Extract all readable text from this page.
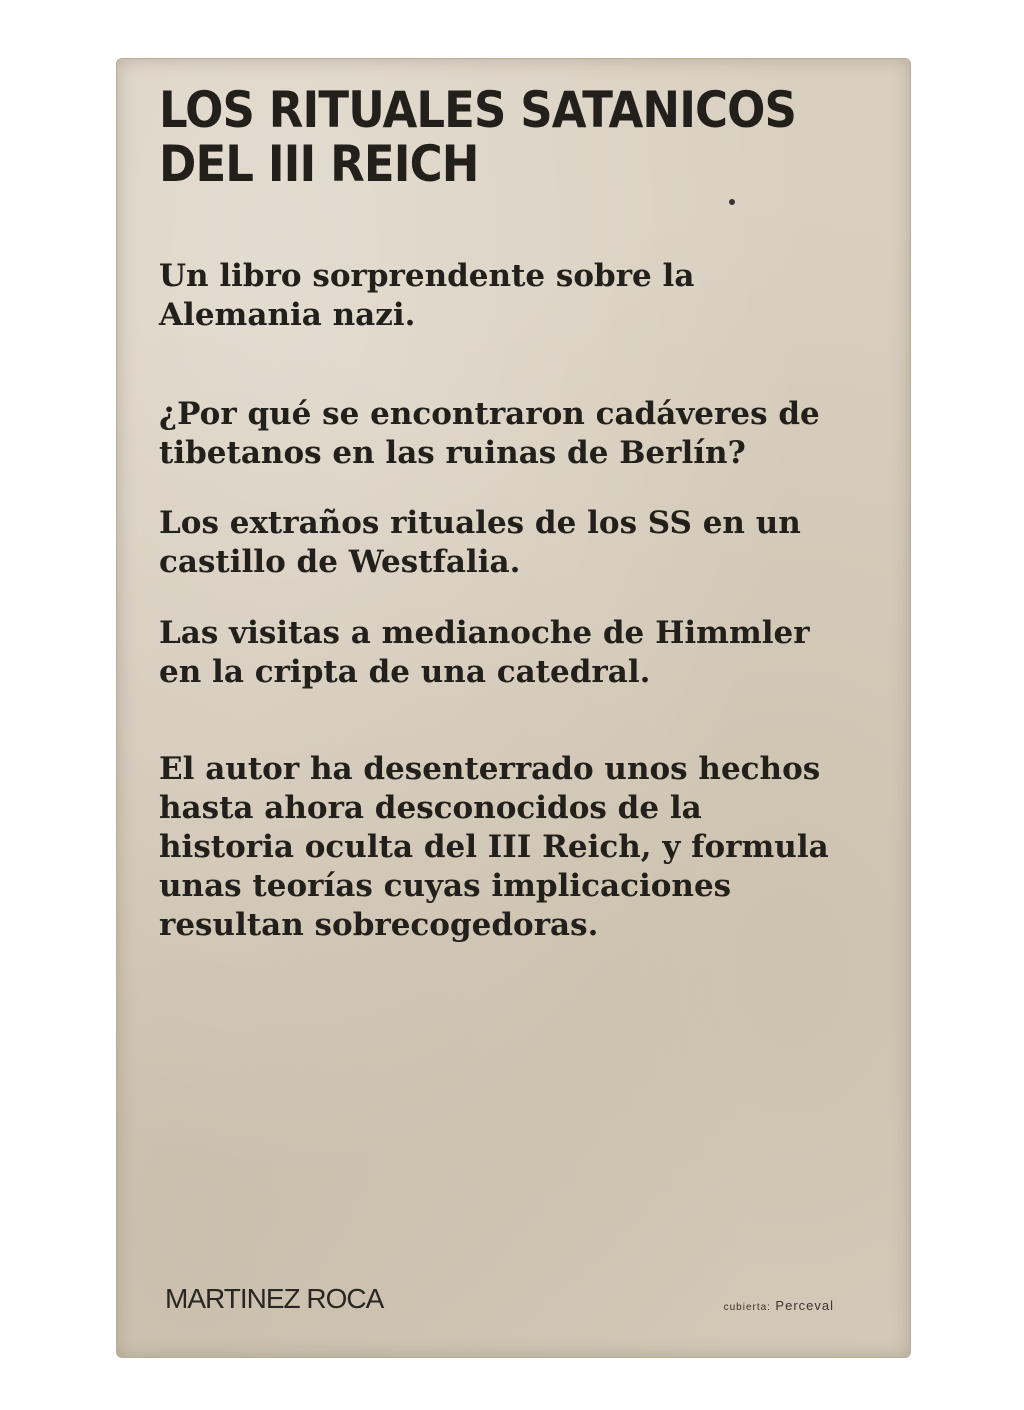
LOS RITUALES SATANICOS
DEL III REICH

Un libro sorprendente sobre la Alemania nazi.

¿Por qué se encontraron cadáveres de tibetanos en las ruinas de Berlín?

Los extraños rituales de los SS en un castillo de Westfalia.

Las visitas a medianoche de Himmler en la cripta de una catedral.

El autor ha desenterrado unos hechos hasta ahora desconocidos de la historia oculta del III Reich, y formula unas teorías cuyas implicaciones resultan sobrecogedoras.

MARTINEZ ROCA	cubierta: Perceval
